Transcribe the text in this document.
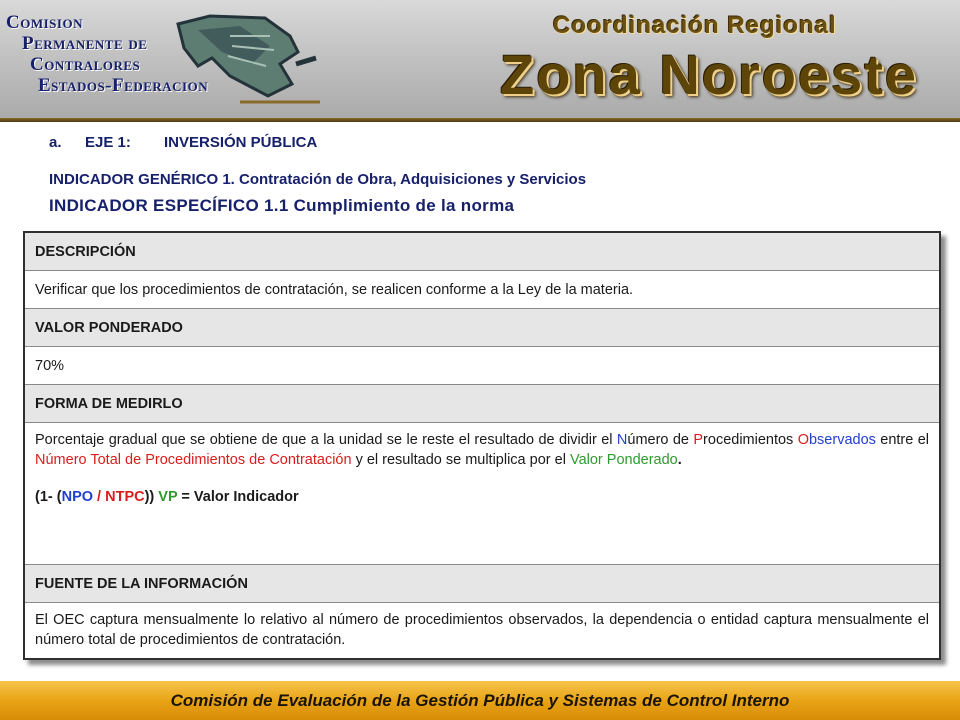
Comision
Permanente de
Contralores
Estados-Federacion
Coordinación Regional
Zona Noroeste
a. EJE 1: INVERSIÓN PÚBLICA
INDICADOR GENÉRICO 1. Contratación de Obra, Adquisiciones y Servicios
INDICADOR ESPECÍFICO 1.1 Cumplimiento de la norma
DESCRIPCIÓN
Verificar que los procedimientos de contratación, se realicen conforme a la Ley de la materia.
VALOR PONDERADO
70%
FORMA DE MEDIRLO
Porcentaje gradual que se obtiene de que a la unidad se le reste el resultado de dividir el Número de Procedimientos Observados entre el Número Total de Procedimientos de Contratación y el resultado se multiplica por el Valor Ponderado.
(1- (NPO / NTPC)) VP = Valor Indicador
FUENTE DE LA INFORMACIÓN
El OEC captura mensualmente lo relativo al número de procedimientos observados, la dependencia o entidad captura mensualmente el número total de procedimientos de contratación.
Comisión de Evaluación de la Gestión Pública y Sistemas de Control Interno
